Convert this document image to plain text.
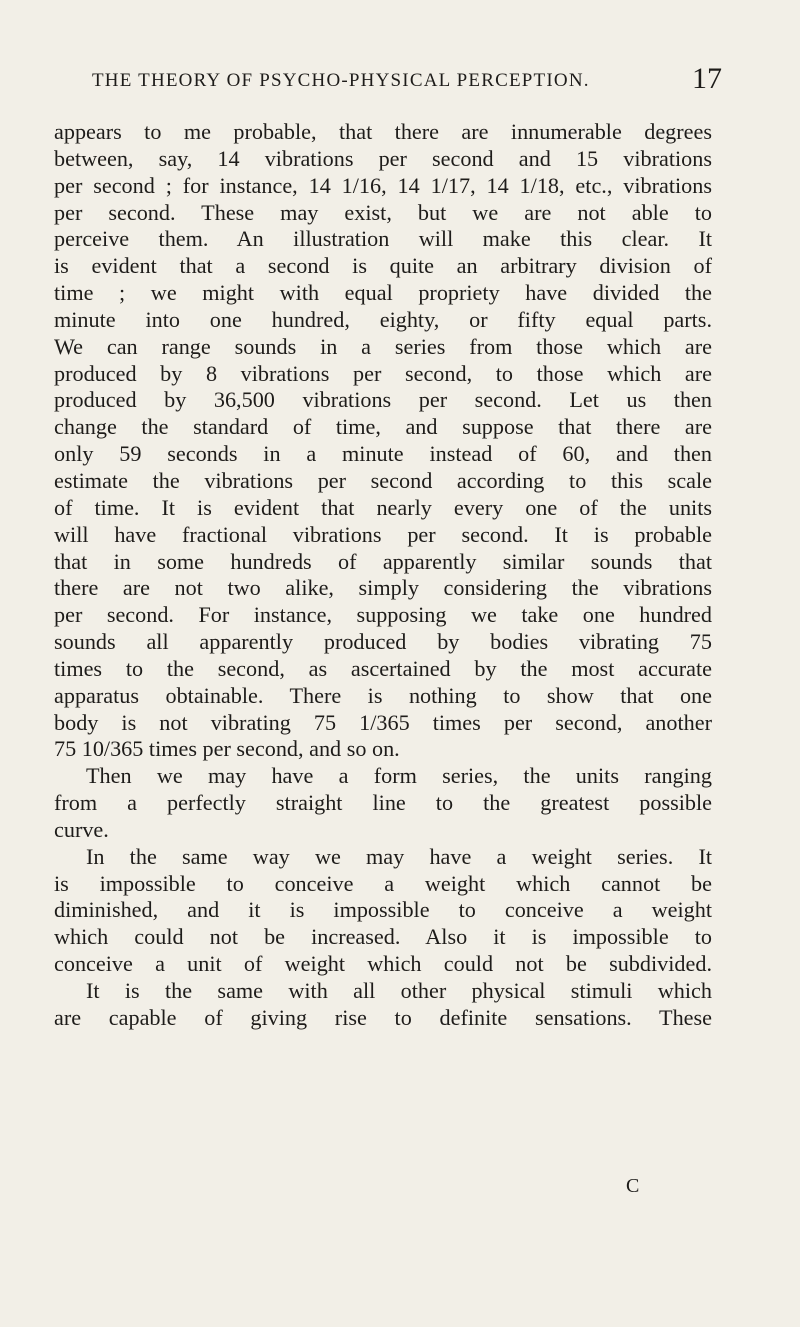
THE THEORY OF PSYCHO-PHYSICAL PERCEPTION.	17
appears to me probable, that there are innumerable degrees
between, say, 14 vibrations per second and 15 vibrations
per second ; for instance, 14 1/16, 14 1/17, 14 1/18, etc., vibrations
per second. These may exist, but we are not able to
perceive them. An illustration will make this clear. It
is evident that a second is quite an arbitrary division of
time ; we might with equal propriety have divided the
minute into one hundred, eighty, or fifty equal parts.
We can range sounds in a series from those which are
produced by 8 vibrations per second, to those which are
produced by 36,500 vibrations per second. Let us then
change the standard of time, and suppose that there are
only 59 seconds in a minute instead of 60, and then
estimate the vibrations per second according to this scale
of time. It is evident that nearly every one of the units
will have fractional vibrations per second. It is probable
that in some hundreds of apparently similar sounds that
there are not two alike, simply considering the vibrations
per second. For instance, supposing we take one hundred
sounds all apparently produced by bodies vibrating 75
times to the second, as ascertained by the most accurate
apparatus obtainable. There is nothing to show that one
body is not vibrating 75 1/365 times per second, another
75 10/365 times per second, and so on.
Then we may have a form series, the units ranging
from a perfectly straight line to the greatest possible
curve.
In the same way we may have a weight series. It
is impossible to conceive a weight which cannot be
diminished, and it is impossible to conceive a weight
which could not be increased. Also it is impossible to
conceive a unit of weight which could not be subdivided.
It is the same with all other physical stimuli which
are capable of giving rise to definite sensations. These
C
